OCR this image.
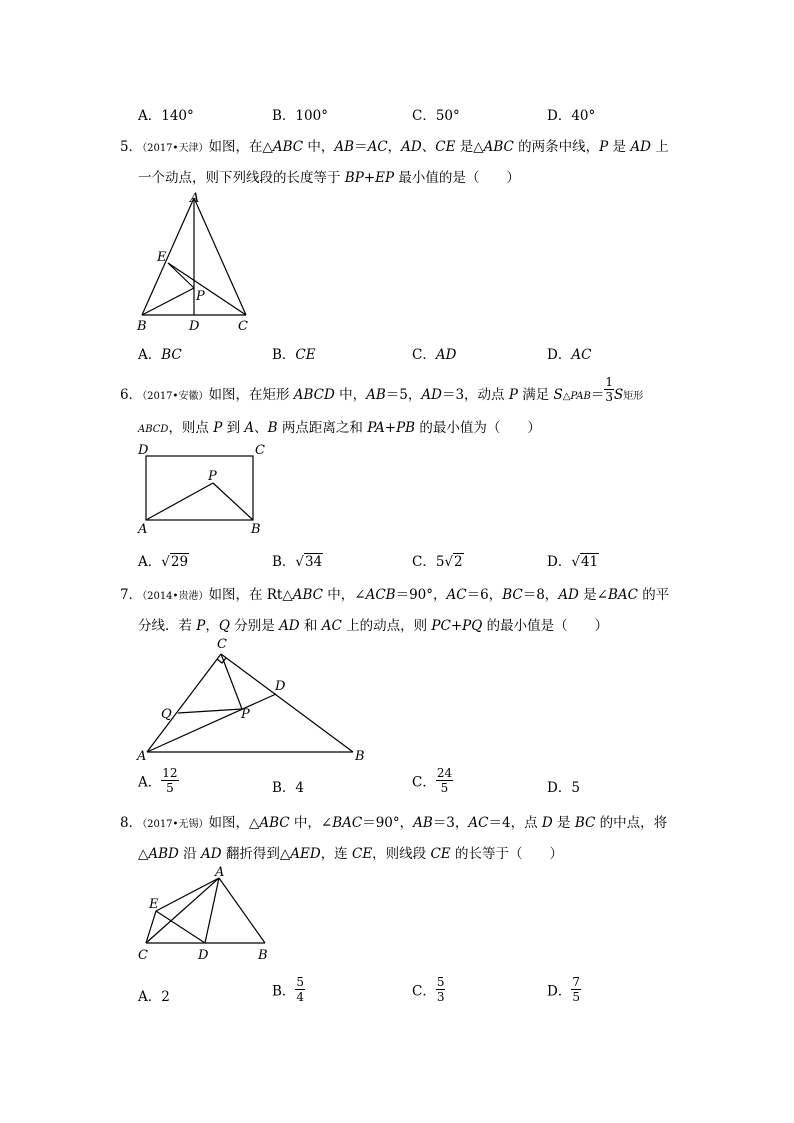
A．140°	B．100°	C．50°	D．40°
5．（2017•天津）如图，在△ABC 中，AB＝AC，AD、CE 是△ABC 的两条中线，P 是 AD 上
一个动点，则下列线段的长度等于 BP+EP 最小值的是（　　）
A
E
P
B	D	C
A．BC	B．CE	C．AD	D．AC
6．（2017•安徽）如图，在矩形 ABCD 中，AB＝5，AD＝3，动点 P 满足 S△PAB＝ $\frac{1}{3}$ S矩形
ABCD，则点 P 到 A、B 两点距离之和 PA+PB 的最小值为（　　）
D	C
P
A	B
A．√29	B．√34	C．5√2	D．√41
7．（2014•贵港）如图，在 Rt△ABC 中，∠ACB＝90°，AC＝6，BC＝8，AD 是∠BAC 的平
分线．若 P，Q 分别是 AD 和 AC 上的动点，则 PC+PQ 的最小值是（　　）
C
D
Q	P
A	B
A． $\frac{12}{5}$	B．4	C． $\frac{24}{5}$	D．5
8．（2017•无锡）如图，△ABC 中，∠BAC＝90°，AB＝3，AC＝4，点 D 是 BC 的中点，将
△ABD 沿 AD 翻折得到△AED，连 CE，则线段 CE 的长等于（　　）
A
E
C	D	B
A．2	B． $\frac{5}{4}$	C． $\frac{5}{3}$	D． $\frac{7}{5}$
